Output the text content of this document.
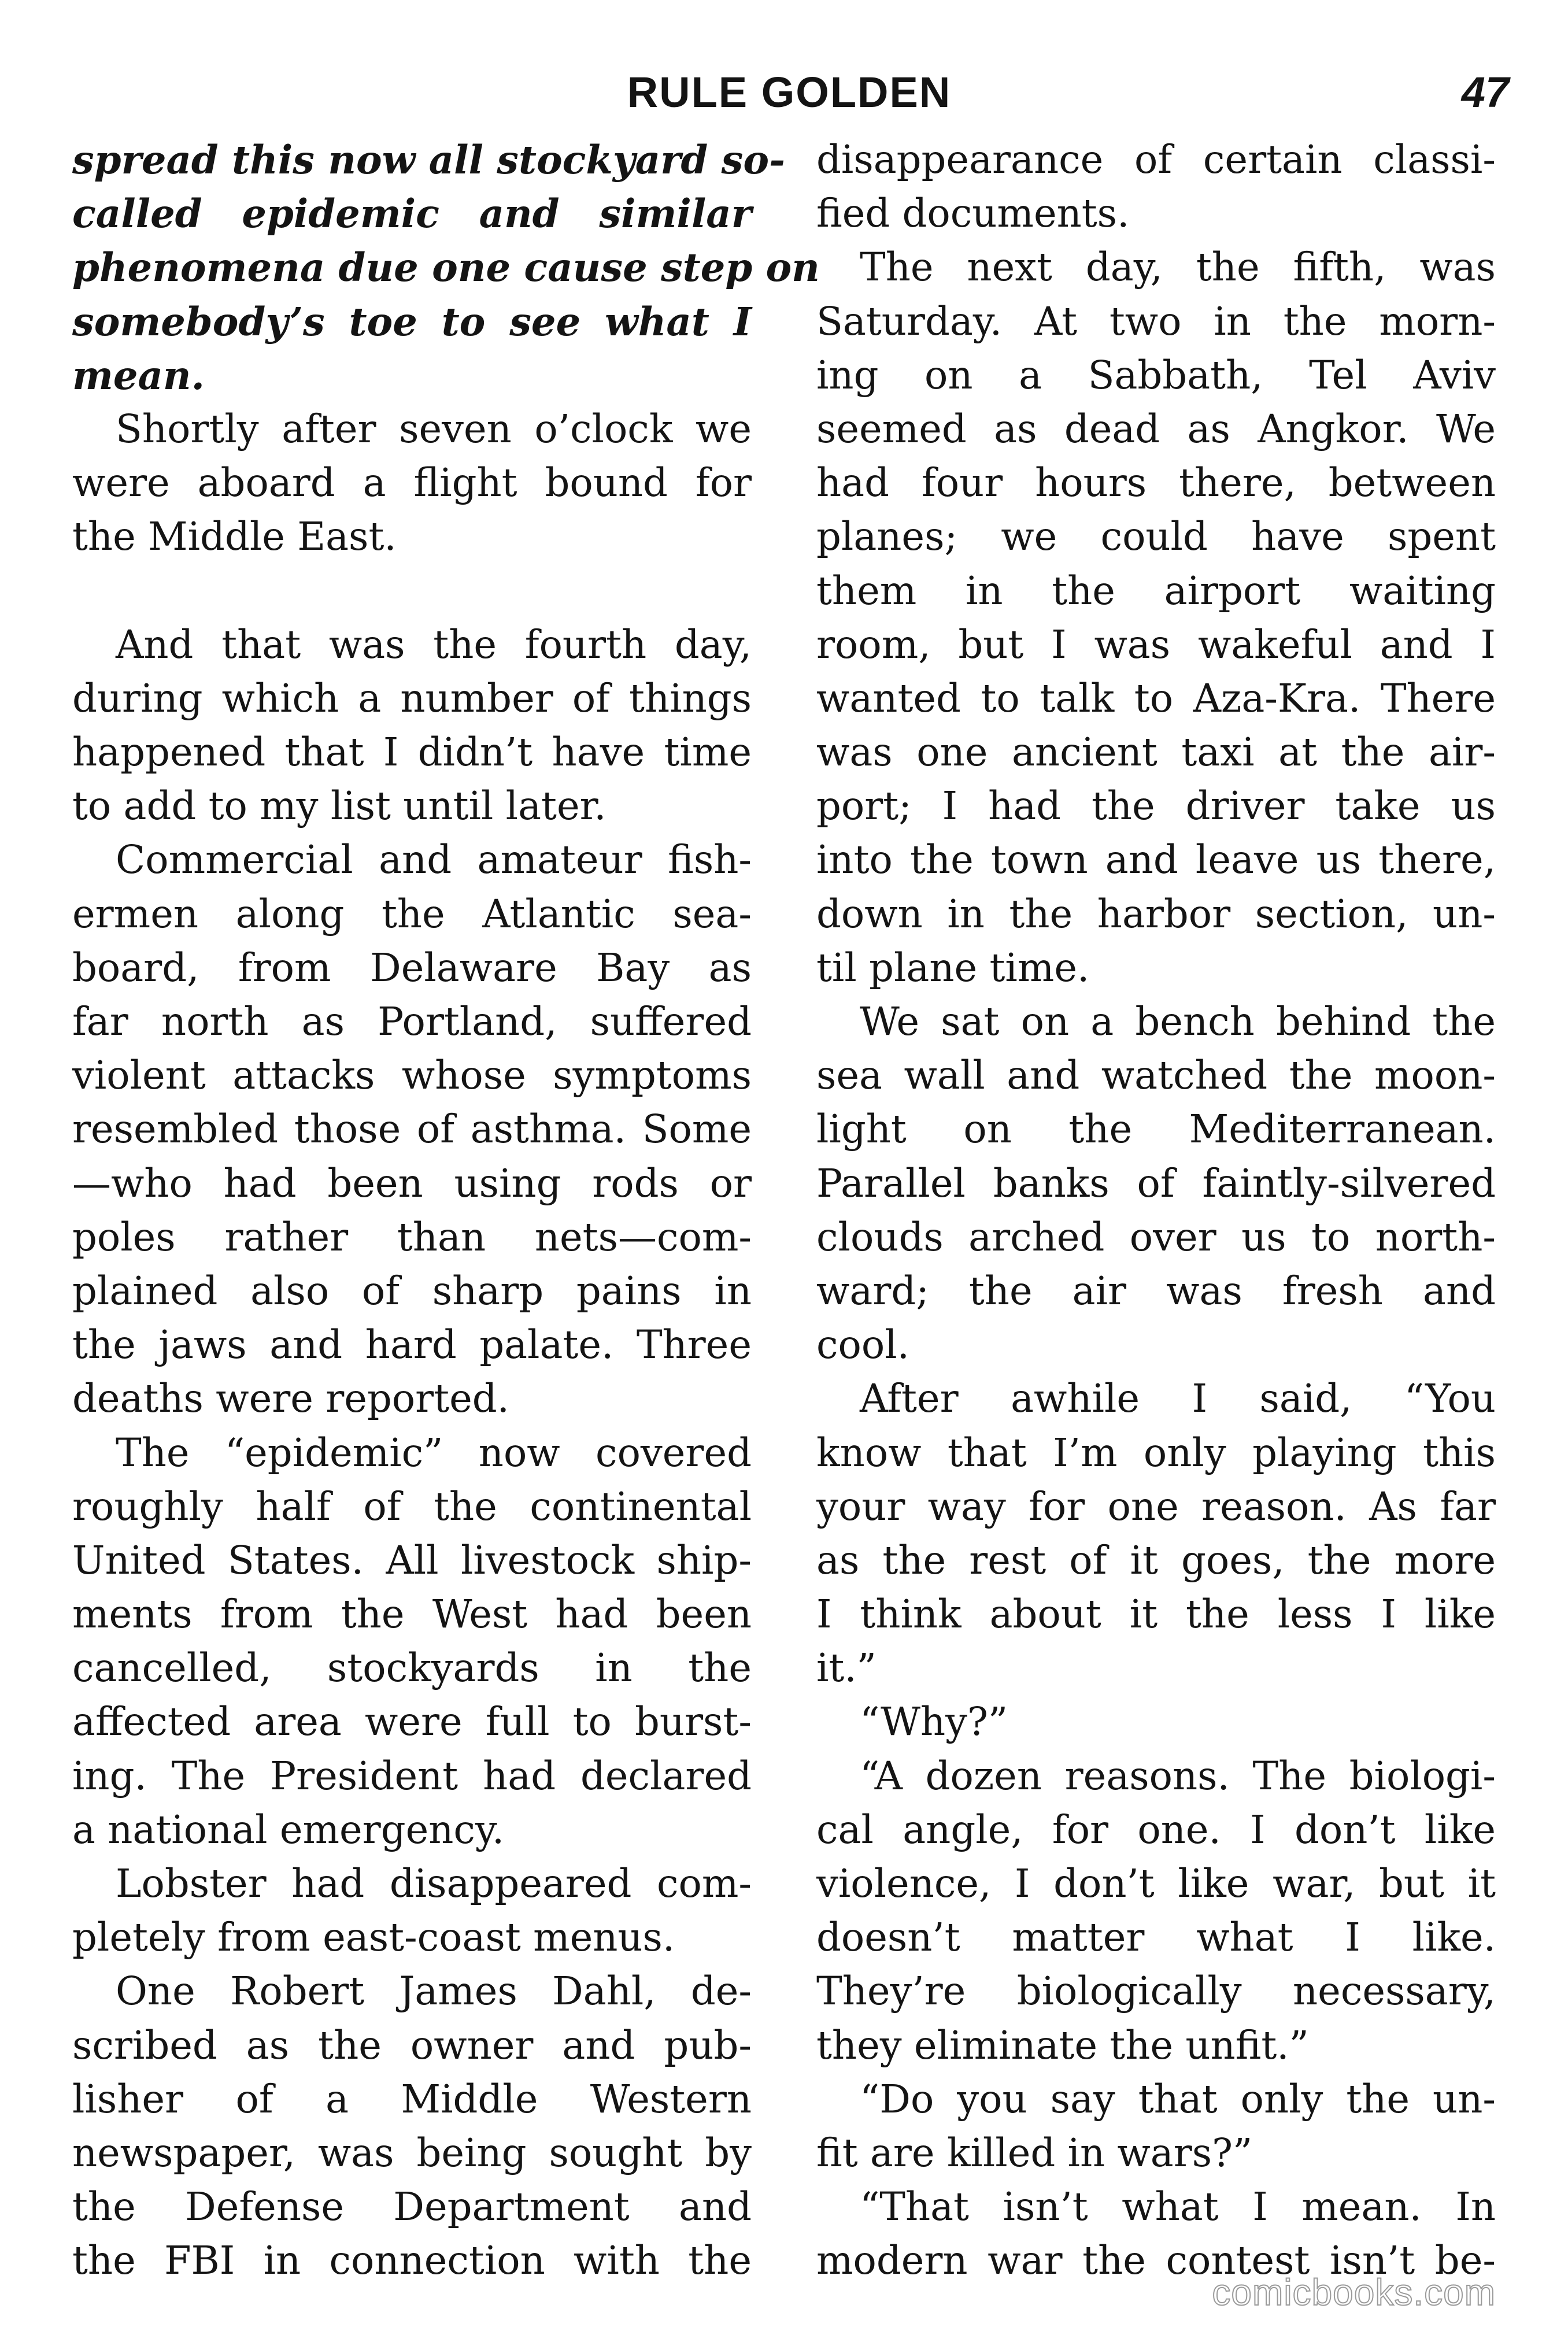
RULE GOLDEN	47
spread this now all stockyard so-
called epidemic and similar
phenomena due one cause step on
somebody’s toe to see what I
mean.
Shortly after seven o’clock we
were aboard a flight bound for
the Middle East.
And that was the fourth day,
during which a number of things
happened that I didn’t have time
to add to my list until later.
Commercial and amateur fish-
ermen along the Atlantic sea-
board, from Delaware Bay as
far north as Portland, suffered
violent attacks whose symptoms
resembled those of asthma. Some
—who had been using rods or
poles rather than nets—com-
plained also of sharp pains in
the jaws and hard palate. Three
deaths were reported.
The “epidemic” now covered
roughly half of the continental
United States. All livestock ship-
ments from the West had been
cancelled, stockyards in the
affected area were full to burst-
ing. The President had declared
a national emergency.
Lobster had disappeared com-
pletely from east-coast menus.
One Robert James Dahl, de-
scribed as the owner and pub-
lisher of a Middle Western
newspaper, was being sought by
the Defense Department and
the FBI in connection with the
disappearance of certain classi-
fied documents.
The next day, the fifth, was
Saturday. At two in the morn-
ing on a Sabbath, Tel Aviv
seemed as dead as Angkor. We
had four hours there, between
planes; we could have spent
them in the airport waiting
room, but I was wakeful and I
wanted to talk to Aza-Kra. There
was one ancient taxi at the air-
port; I had the driver take us
into the town and leave us there,
down in the harbor section, un-
til plane time.
We sat on a bench behind the
sea wall and watched the moon-
light on the Mediterranean.
Parallel banks of faintly-silvered
clouds arched over us to north-
ward; the air was fresh and
cool.
After awhile I said, “You
know that I’m only playing this
your way for one reason. As far
as the rest of it goes, the more
I think about it the less I like
it.”
“Why?”
“A dozen reasons. The biologi-
cal angle, for one. I don’t like
violence, I don’t like war, but it
doesn’t matter what I like.
They’re biologically necessary,
they eliminate the unfit.”
“Do you say that only the un-
fit are killed in wars?”
“That isn’t what I mean. In
modern war the contest isn’t be-
comicbooks.com
